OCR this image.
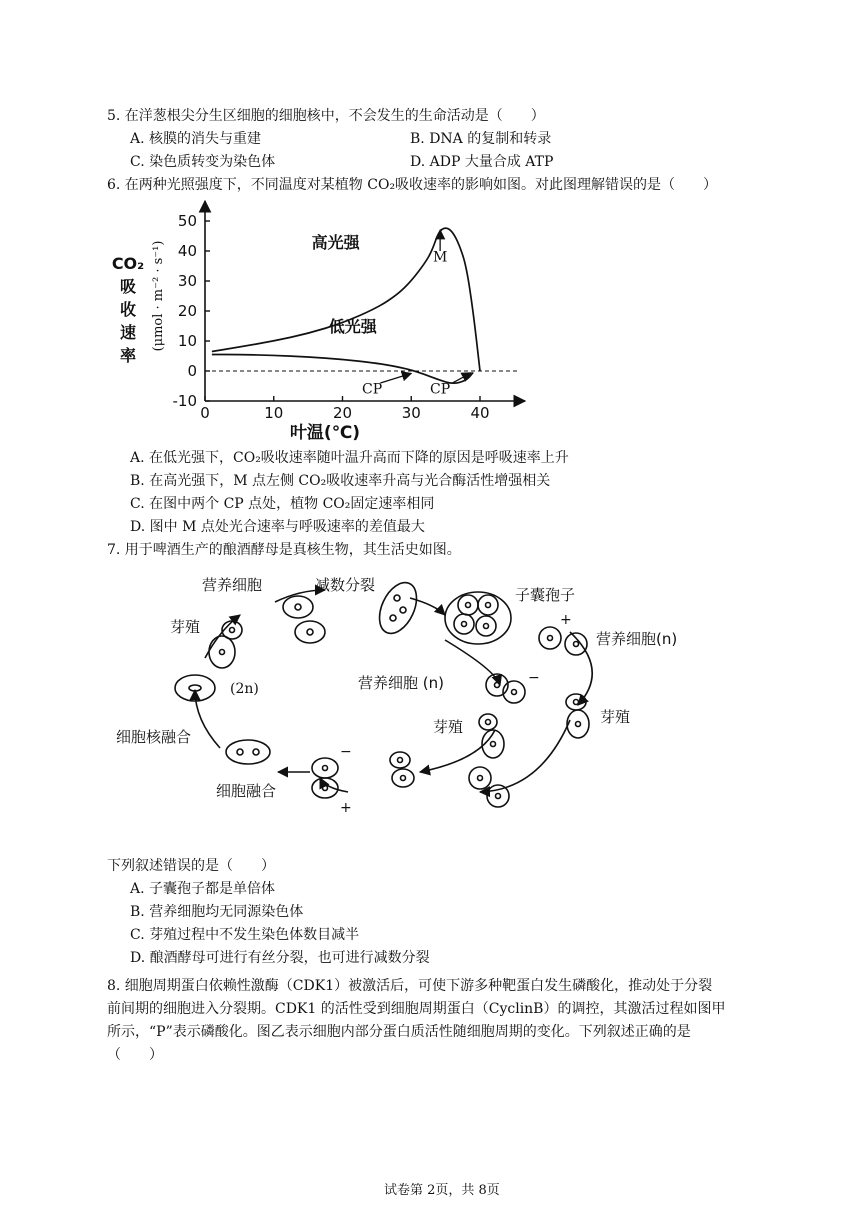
5. 在洋葱根尖分生区细胞的细胞核中，不会发生的生命活动是（　　）
A. 核膜的消失与重建	B. DNA 的复制和转录
C. 染色质转变为染色体	D. ADP 大量合成 ATP
6. 在两种光照强度下，不同温度对某植物 CO₂吸收速率的影响如图。对此图理解错误的是（　　）
50
40
30
20
10
0
-10
0	10	20	30	40
CO₂
吸
收
速
率
(μmol · m⁻² · s⁻¹)
叶温(℃)
高光强
低光强
M
CP	CP
A. 在低光强下，CO₂吸收速率随叶温升高而下降的原因是呼吸速率上升
B. 在高光强下，M 点左侧 CO₂吸收速率升高与光合酶活性增强相关
C. 在图中两个 CP 点处，植物 CO₂固定速率相同
D. 图中 M 点处光合速率与呼吸速率的差值最大
7. 用于啤酒生产的酿酒酵母是真核生物，其生活史如图。
营养细胞	减数分裂
子囊孢子
芽殖
营养细胞(n)
+
(2n)	营养细胞 (n)	−
芽殖
芽殖
细胞核融合
−
细胞融合
+
下列叙述错误的是（　　）
A. 子囊孢子都是单倍体
B. 营养细胞均无同源染色体
C. 芽殖过程中不发生染色体数目减半
D. 酿酒酵母可进行有丝分裂，也可进行减数分裂
8. 细胞周期蛋白依赖性激酶（CDK1）被激活后，可使下游多种靶蛋白发生磷酸化，推动处于分裂
前间期的细胞进入分裂期。CDK1 的活性受到细胞周期蛋白（CyclinB）的调控，其激活过程如图甲
所示，“P”表示磷酸化。图乙表示细胞内部分蛋白质活性随细胞周期的变化。下列叙述正确的是
（　　）
试卷第 2页，共 8页
